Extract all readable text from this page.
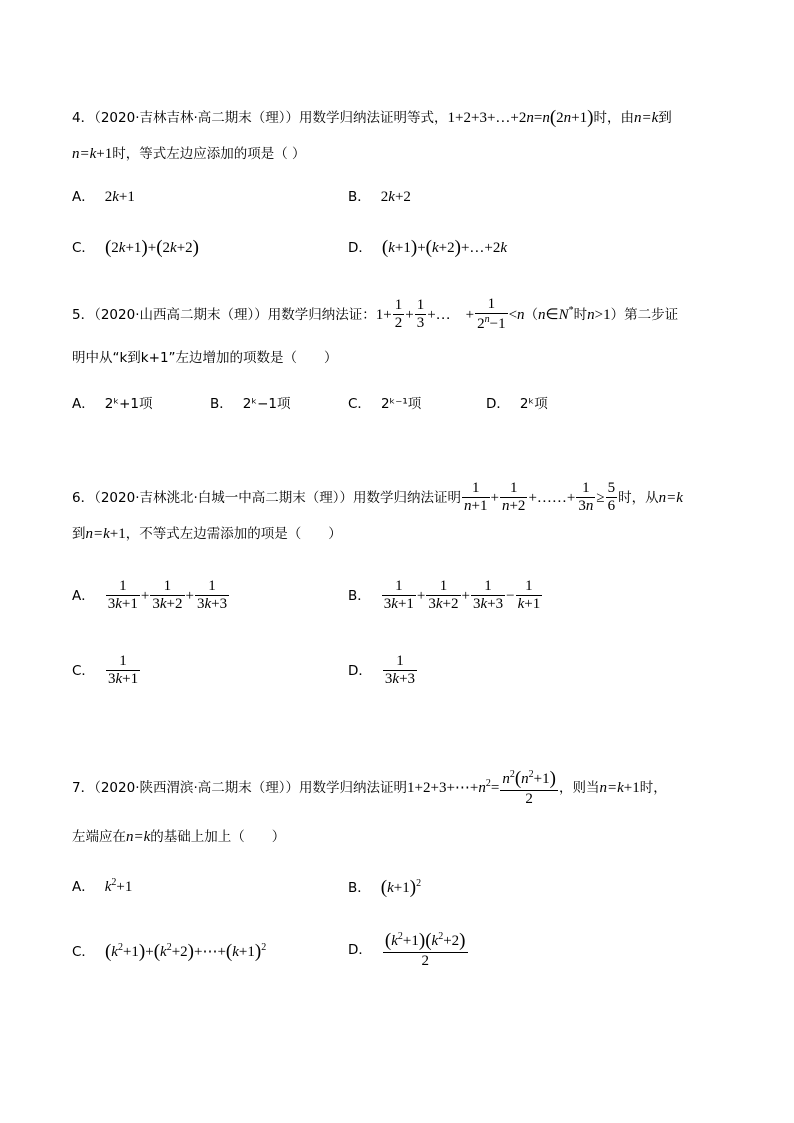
4．（2020·吉林吉林·高二期末（理））用数学归纳法证明等式，1+2+3+…+2n=n(2n+1)时，由n=k到
n=k+1时，等式左边应添加的项是（ ）
A． 2k+1	B． 2k+2
C． (2k+1)+(2k+2)	D． (k+1)+(k+2)+…+2k
5．（2020·山西高二期末（理））用数学归纳法证：$1+ \frac{1}{2} + \frac{1}{3}$ +…　+ $\frac{1}{2^n-1}$ <n（n∈N*时n>1）第二步证
明中从“k到k+1”左边增加的项数是（　　）
A． 2ᵏ+1项	B． 2ᵏ−1项	C． 2ᵏ⁻¹项	D． 2ᵏ项
6．（2020·吉林洮北·白城一中高二期末（理））用数学归纳法证明 $\frac{1}{n+1} + \frac{1}{n+2}$ +……+ $\frac{1}{3n} \ge \frac{5}{6}$ 时，从n=k
到n=k+1，不等式左边需添加的项是（　　）
A． $\frac{1}{3k+1} + \frac{1}{3k+2} + \frac{1}{3k+3}$	B． $\frac{1}{3k+1} + \frac{1}{3k+2} + \frac{1}{3k+3} - \frac{1}{k+1}$
C． $\frac{1}{3k+1}$	D． $\frac{1}{3k+3}$
7．（2020·陕西渭滨·高二期末（理））用数学归纳法证明$1+2+3+\cdots+n^2= \frac{n^2(n^2+1)}{2}$ ，则当n=k+1时，
左端应在n=k的基础上加上（　　）
A． $k^2+1$	B． $(k+1)^2$
C． $(k^2+1)+(k^2+2)+\cdots+(k+1)^2$	D． $\frac{(k^2+1)(k^2+2)}{2}$
